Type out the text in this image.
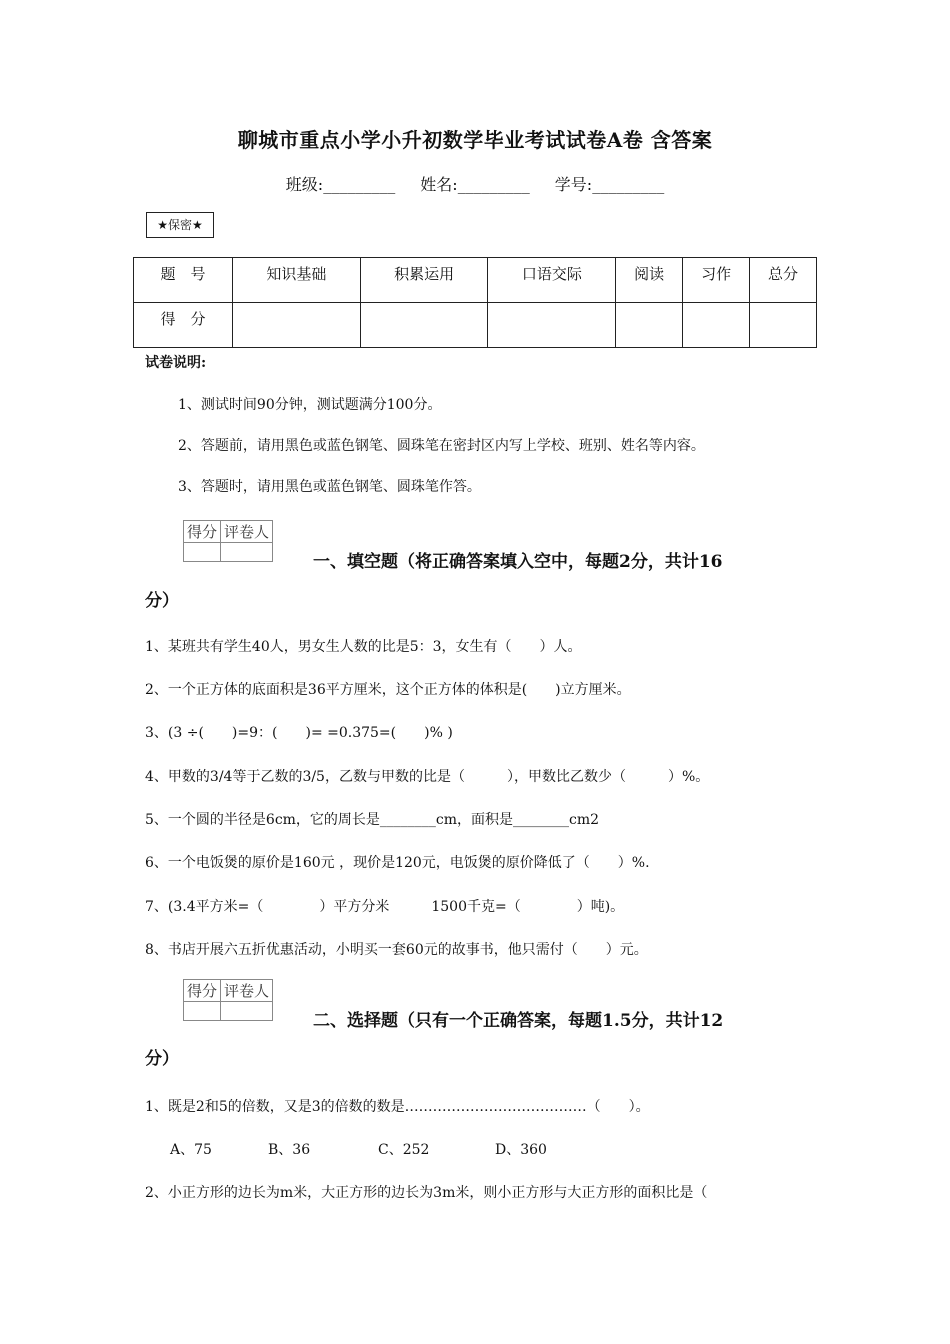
聊城市重点小学小升初数学毕业考试试卷A卷 含答案
班级:_________ 姓名:_________ 学号:_________
★保密★
题　号	知识基础	积累运用	口语交际	阅读	习作	总分
得　分						
试卷说明:
1、测试时间90分钟，测试题满分100分。
2、答题前，请用黑色或蓝色钢笔、圆珠笔在密封区内写上学校、班别、姓名等内容。
3、答题时，请用黑色或蓝色钢笔、圆珠笔作答。
得分	评卷人

一、填空题（将正确答案填入空中，每题2分，共计16
分）
1、某班共有学生40人，男女生人数的比是5：3，女生有（　　）人。
2、一个正方体的底面积是36平方厘米，这个正方体的体积是(　　)立方厘米。
3、(3 ÷(　　)=9：(　　)= =0.375=(　　)% )
4、甲数的3/4等于乙数的3/5，乙数与甲数的比是（　　　），甲数比乙数少（　　　）%。
5、一个圆的半径是6cm，它的周长是________cm，面积是________cm2
6、一个电饭煲的原价是160元 ，现价是120元，电饭煲的原价降低了（　　）%.
7、(3.4平方米=（　　　　）平方分米　　　1500千克=（　　　　）吨)。
8、书店开展六五折优惠活动，小明买一套60元的故事书，他只需付（　　）元。
得分	评卷人

二、选择题（只有一个正确答案，每题1.5分，共计12
分）
1、既是2和5的倍数，又是3的倍数的数是…………………………………（　　）。
A、75	B、36	C、252	D、360
2、小正方形的边长为m米，大正方形的边长为3m米，则小正方形与大正方形的面积比是（
